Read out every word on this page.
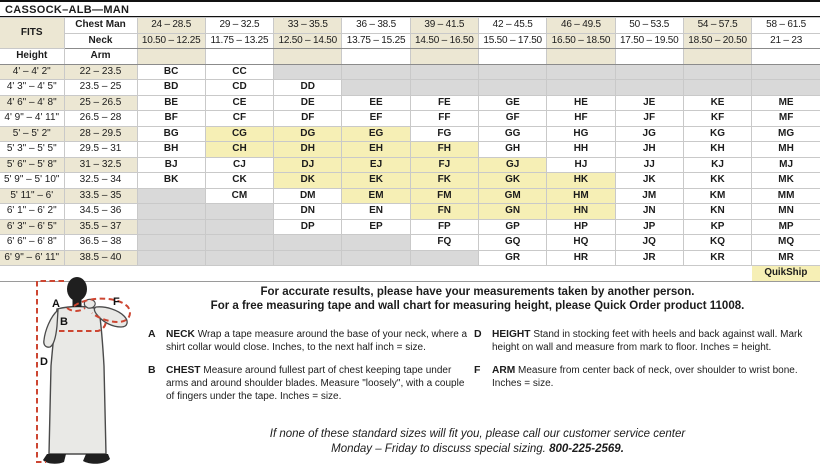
CASSOCK–ALB—MAN
FITS	Chest Man	24 – 28.5	29 – 32.5	33 – 35.5	36 – 38.5	39 – 41.5	42 – 45.5	46 – 49.5	50 – 53.5	54 – 57.5	58 – 61.5
	Neck	10.50 – 12.25	11.75 – 13.25	12.50 – 14.50	13.75 – 15.25	14.50 – 16.50	15.50 – 17.50	16.50 – 18.50	17.50 – 19.50	18.50 – 20.50	21 – 23
Height	Arm										
4' – 4' 2"	22 – 23.5	BC	CC								
4' 3" – 4' 5"	23.5 – 25	BD	CD	DD							
4' 6" – 4' 8"	25 – 26.5	BE	CE	DE	EE	FE	GE	HE	JE	KE	ME
4' 9" – 4' 11"	26.5 – 28	BF	CF	DF	EF	FF	GF	HF	JF	KF	MF
5' – 5' 2"	28 – 29.5	BG	CG	DG	EG	FG	GG	HG	JG	KG	MG
5' 3" – 5' 5"	29.5 – 31	BH	CH	DH	EH	FH	GH	HH	JH	KH	MH
5' 6" – 5' 8"	31 – 32.5	BJ	CJ	DJ	EJ	FJ	GJ	HJ	JJ	KJ	MJ
5' 9" – 5' 10"	32.5 – 34	BK	CK	DK	EK	FK	GK	HK	JK	KK	MK
5' 11" – 6'	33.5 – 35		CM	DM	EM	FM	GM	HM	JM	KM	MM
6' 1" – 6' 2"	34.5 – 36			DN	EN	FN	GN	HN	JN	KN	MN
6' 3" – 6' 5"	35.5 – 37			DP	EP	FP	GP	HP	JP	KP	MP
6' 6" – 6' 8"	36.5 – 38					FQ	GQ	HQ	JQ	KQ	MQ
6' 9" – 6' 11"	38.5 – 40						GR	HR	JR	KR	MR
											QuikShip
For accurate results, please have your measurements taken by another person.
For a free measuring tape and wall chart for measuring height, please Quick Order product 11008.
A	NECK Wrap a tape measure around the base of your neck, where a shirt collar would close. Inches, to the next half inch = size.
B	CHEST Measure around fullest part of chest keeping tape under arms and around shoulder blades. Measure "loosely", with a couple of fingers under the tape. Inches = size.
D	HEIGHT Stand in stocking feet with heels and back against wall. Mark height on wall and measure from mark to floor. Inches = height.
F	ARM Measure from center back of neck, over shoulder to wrist bone. Inches = size.
If none of these standard sizes will fit you, please call our customer service center
Monday – Friday to discuss special sizing. 800-225-2569.
A
B
D
F
